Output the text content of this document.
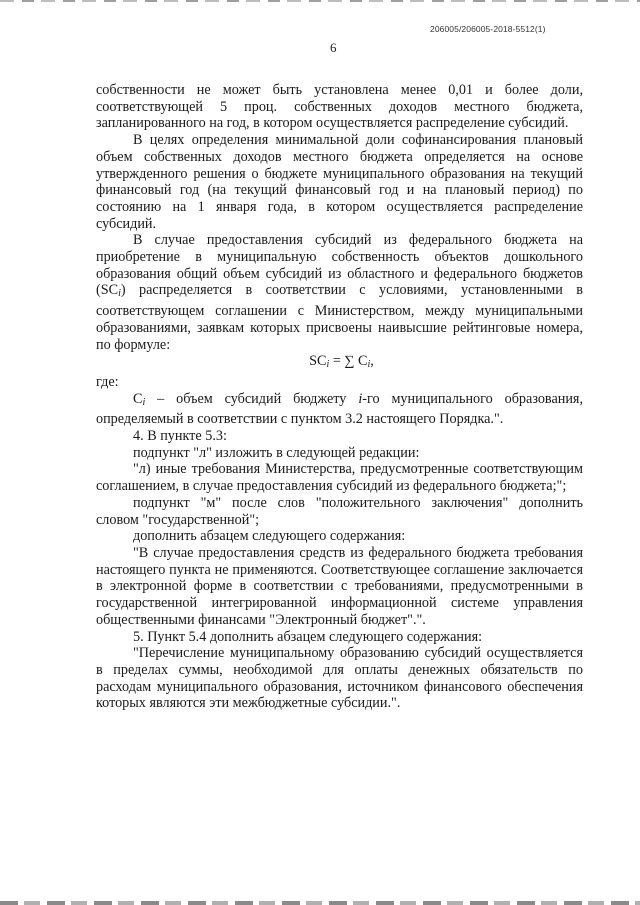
206005/206005-2018-5512(1)
6

собственности не может быть установлена менее 0,01 и более доли, соответствующей 5 проц. собственных доходов местного бюджета, запланированного на год, в котором осуществляется распределение субсидий.

В целях определения минимальной доли софинансирования плановый объем собственных доходов местного бюджета определяется на основе утвержденного решения о бюджете муниципального образования на текущий финансовый год (на текущий финансовый год и на плановый период) по состоянию на 1 января года, в котором осуществляется распределение субсидий.

В случае предоставления субсидий из федерального бюджета на приобретение в муниципальную собственность объектов дошкольного образования общий объем субсидий из областного и федерального бюджетов $(SC_i)$ распределяется в соответствии с условиями, установленными в соответствующем соглашении с Министерством, между муниципальными образованиями, заявкам которых присвоены наивысшие рейтинговые номера, по формуле:

$SC_i$ = ∑ $C_i$,

где:

$C_i$ – объем субсидий бюджету i-го муниципального образования, определяемый в соответствии с пунктом 3.2 настоящего Порядка.".

4. В пункте 5.3:

подпункт "л" изложить в следующей редакции:

"л) иные требования Министерства, предусмотренные соответствующим соглашением, в случае предоставления субсидий из федерального бюджета;";

подпункт "м" после слов "положительного заключения" дополнить словом "государственной";

дополнить абзацем следующего содержания:

"В случае предоставления средств из федерального бюджета требования настоящего пункта не применяются. Соответствующее соглашение заключается в электронной форме в соответствии с требованиями, предусмотренными в государственной интегрированной информационной системе управления общественными финансами "Электронный бюджет".".

5. Пункт 5.4 дополнить абзацем следующего содержания:

"Перечисление муниципальному образованию субсидий осуществляется в пределах суммы, необходимой для оплаты денежных обязательств по расходам муниципального образования, источником финансового обеспечения которых являются эти межбюджетные субсидии.".
